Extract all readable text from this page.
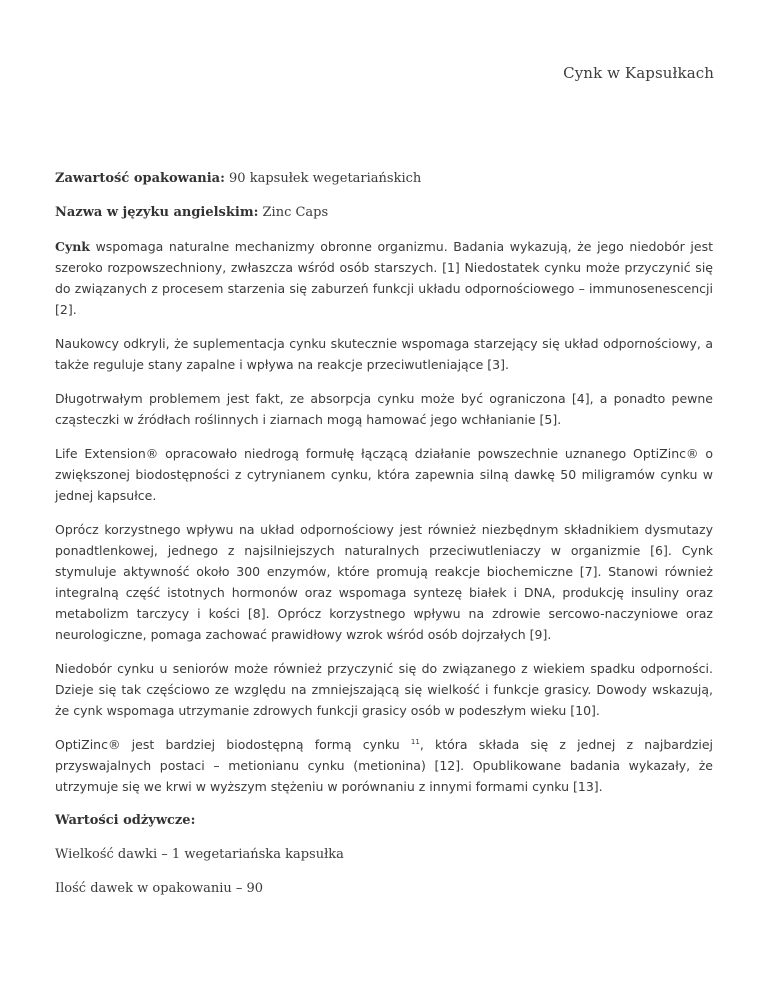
Cynk w Kapsułkach

Zawartość opakowania: 90 kapsułek wegetariańskich

Nazwa w języku angielskim: Zinc Caps

Cynk wspomaga naturalne mechanizmy obronne organizmu. Badania wykazują, że jego niedobór jest szeroko rozpowszechniony, zwłaszcza wśród osób starszych. [1] Niedostatek cynku może przyczynić się do związanych z procesem starzenia się zaburzeń funkcji układu odpornościowego – immunosenescencji [2].

Naukowcy odkryli, że suplementacja cynku skutecznie wspomaga starzejący się układ odpornościowy, a także reguluje stany zapalne i wpływa na reakcje przeciwutleniające [3].

Długotrwałym problemem jest fakt, ze absorpcja cynku może być ograniczona [4], a ponadto pewne cząsteczki w źródłach roślinnych i ziarnach mogą hamować jego wchłanianie [5].

Life Extension® opracowało niedrogą formułę łączącą działanie powszechnie uznanego OptiZinc® o zwiększonej biodostępności z cytrynianem cynku, która zapewnia silną dawkę 50 miligramów cynku w jednej kapsułce.

Oprócz korzystnego wpływu na układ odpornościowy jest również niezbędnym składnikiem dysmutazy ponadtlenkowej, jednego z najsilniejszych naturalnych przeciwutleniaczy w organizmie [6]. Cynk stymuluje aktywność około 300 enzymów, które promują reakcje biochemiczne [7]. Stanowi również integralną część istotnych hormonów oraz wspomaga syntezę białek i DNA, produkcję insuliny oraz metabolizm tarczycy i kości [8]. Oprócz korzystnego wpływu na zdrowie sercowo-naczyniowe oraz neurologiczne, pomaga zachować prawidłowy wzrok wśród osób dojrzałych [9].

Niedobór cynku u seniorów może również przyczynić się do związanego z wiekiem spadku odporności. Dzieje się tak częściowo ze względu na zmniejszającą się wielkość i funkcje grasicy. Dowody wskazują, że cynk wspomaga utrzymanie zdrowych funkcji grasicy osób w podeszłym wieku [10].

OptiZinc® jest bardziej biodostępną formą cynku $^{11}$, która składa się z jednej z najbardziej przyswajalnych postaci – metionianu cynku (metionina) [12]. Opublikowane badania wykazały, że utrzymuje się we krwi w wyższym stężeniu w porównaniu z innymi formami cynku [13].

Wartości odżywcze:

Wielkość dawki – 1 wegetariańska kapsułka

Ilość dawek w opakowaniu – 90
